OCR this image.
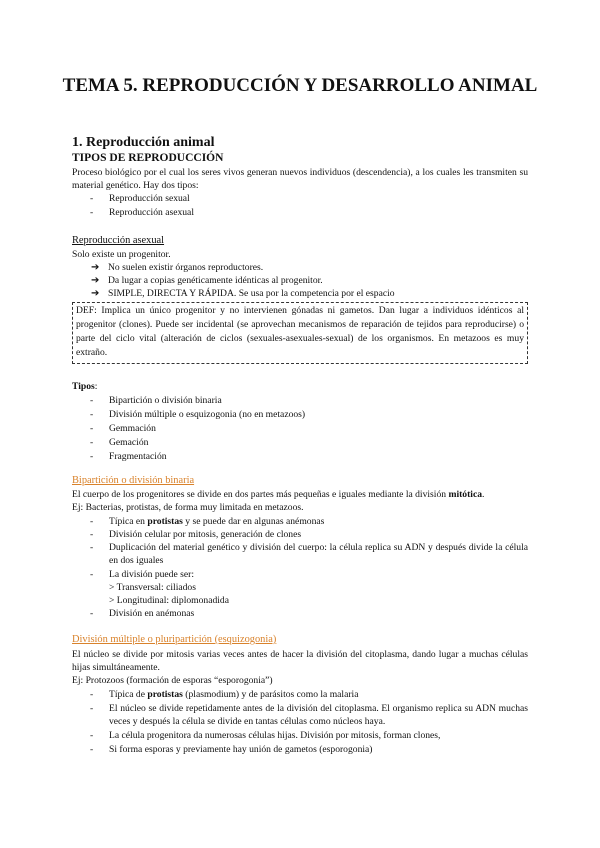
TEMA 5. REPRODUCCIÓN Y DESARROLLO ANIMAL
1. Reproducción animal
TIPOS DE REPRODUCCIÓN
Proceso biológico por el cual los seres vivos generan nuevos individuos (descendencia), a los cuales les transmiten su material genético. Hay dos tipos:
- Reproducción sexual
- Reproducción asexual
Reproducción asexual
Solo existe un progenitor.
➔ No suelen existir órganos reproductores.
➔ Da lugar a copias genéticamente idénticas al progenitor.
➔ SIMPLE, DIRECTA Y RÁPIDA. Se usa por la competencia por el espacio
DEF: Implica un único progenitor y no intervienen gónadas ni gametos. Dan lugar a individuos idénticos al progenitor (clones). Puede ser incidental (se aprovechan mecanismos de reparación de tejidos para reproducirse) o parte del ciclo vital (alteración de ciclos (sexuales-asexuales-sexual) de los organismos. En metazoos es muy extraño.
Tipos:
- Bipartición o división binaria
- División múltiple o esquizogonia (no en metazoos)
- Gemmación
- Gemación
- Fragmentación
Bipartición o división binaria
El cuerpo de los progenitores se divide en dos partes más pequeñas e iguales mediante la división mitótica.
Ej: Bacterias, protistas, de forma muy limitada en metazoos.
- Típica en protistas y se puede dar en algunas anémonas
- División celular por mitosis, generación de clones
- Duplicación del material genético y división del cuerpo: la célula replica su ADN y después divide la célula en dos iguales
- La división puede ser:
> Transversal: ciliados
> Longitudinal: diplomonadida
- División en anémonas
División múltiple o pluripartición (esquizogonia)
El núcleo se divide por mitosis varias veces antes de hacer la división del citoplasma, dando lugar a muchas células hijas simultáneamente.
Ej: Protozoos (formación de esporas “esporogonia”)
- Típica de protistas (plasmodium) y de parásitos como la malaria
- El núcleo se divide repetidamente antes de la división del citoplasma. El organismo replica su ADN muchas veces y después la célula se divide en tantas células como núcleos haya.
- La célula progenitora da numerosas células hijas. División por mitosis, forman clones,
- Si forma esporas y previamente hay unión de gametos (esporogonia)
